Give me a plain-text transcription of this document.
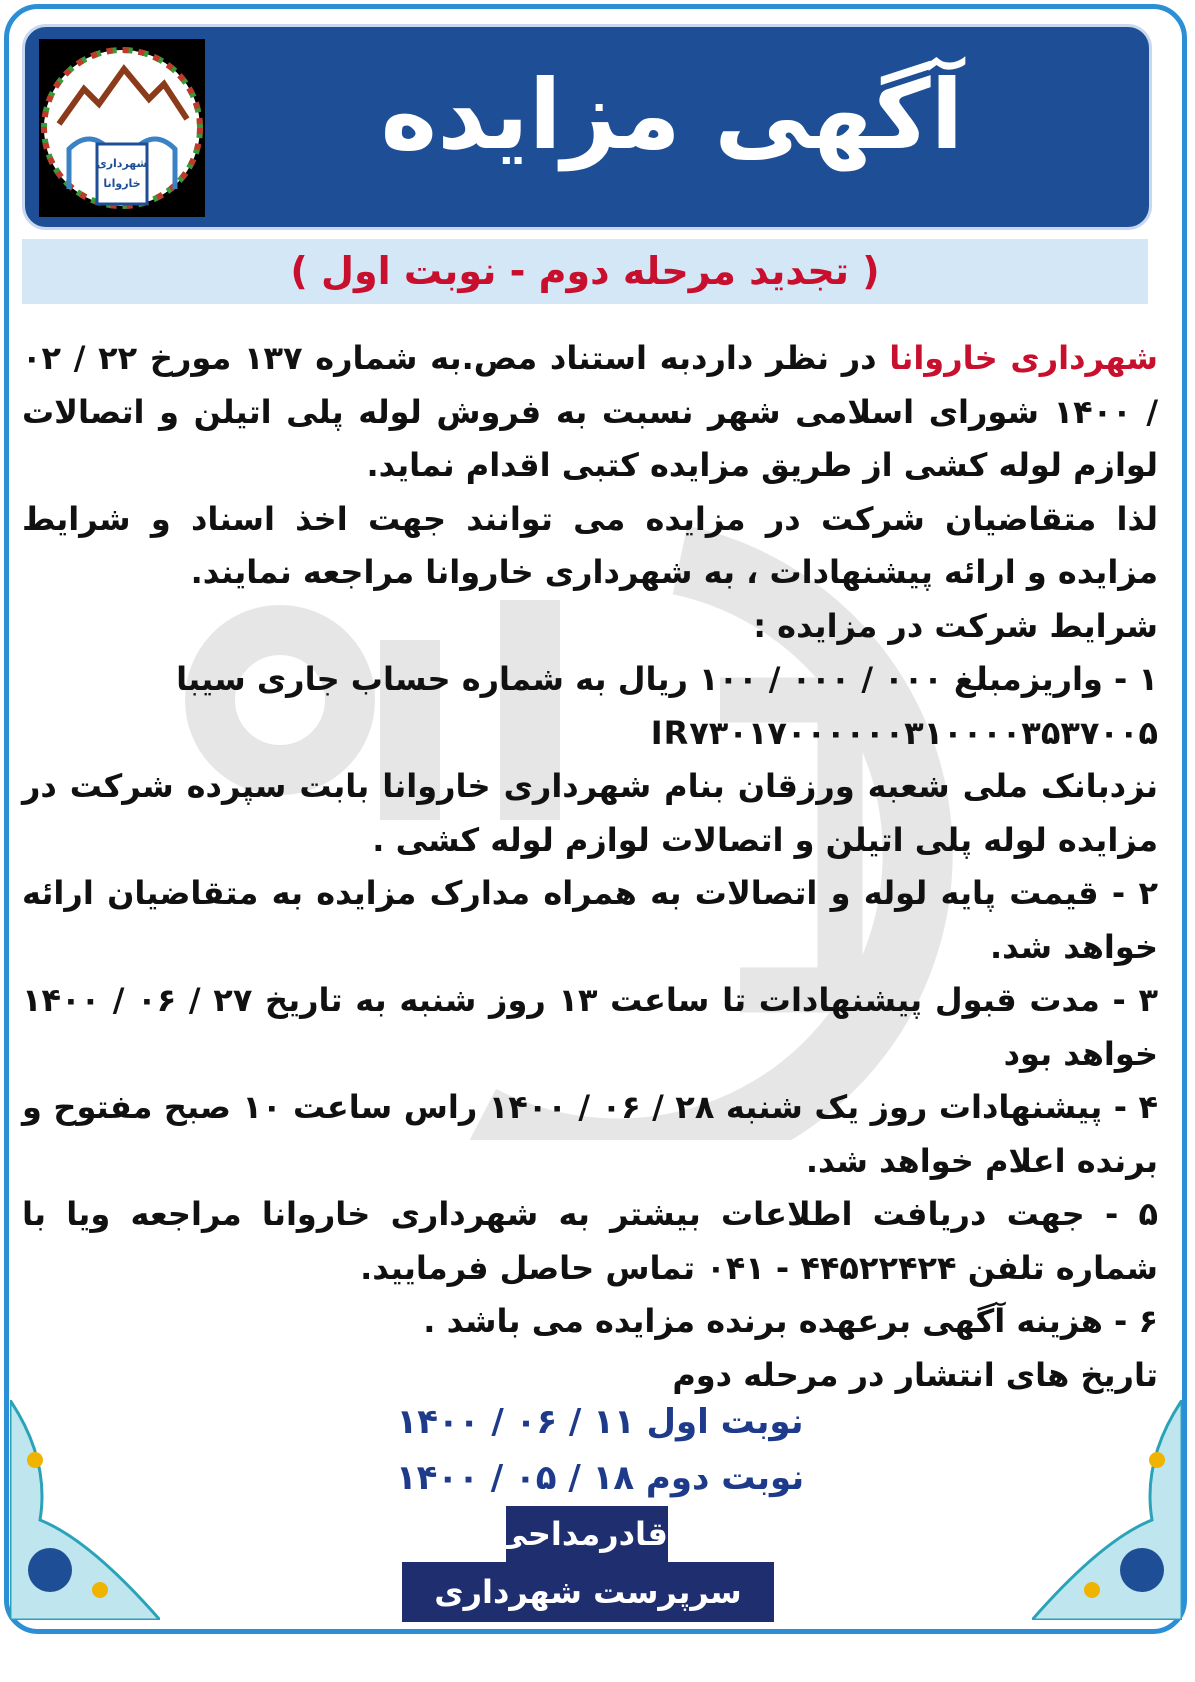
شهرداری
خاروانا
آگهی مزایده
( تجدید مرحله دوم - نوبت اول )

شهرداری خاروانا در نظر داردبه استناد مص.به شماره ۱۳۷ مورخ ۲۲ / ۰۲ / ۱۴۰۰ شورای اسلامی شهر نسبت به فروش لوله پلی اتیلن و اتصالات لوازم لوله کشی از طریق مزایده کتبی اقدام نماید.

لذا متقاضیان شرکت در مزایده می توانند جهت اخذ اسناد و شرایط مزایده و ارائه پیشنهادات ، به شهرداری خاروانا مراجعه نمایند.

شرایط شرکت در مزایده :

۱ - واریزمبلغ ۰۰۰ / ۰۰۰ / ۱۰۰ ریال به شماره حساب جاری سیبا

IR۷۳۰۱۷۰۰۰۰۰۰۳۱۰۰۰۰۳۵۳۷۰۰۵

نزدبانک ملی شعبه ورزقان بنام شهرداری خاروانا بابت سپرده شرکت در مزایده لوله پلی اتیلن و اتصالات لوازم لوله کشی .

۲ - قیمت پایه لوله و اتصالات به همراه مدارک مزایده به متقاضیان ارائه خواهد شد.

۳ - مدت قبول پیشنهادات تا ساعت ۱۳ روز شنبه به تاریخ ۲۷ / ۰۶ / ۱۴۰۰ خواهد بود

۴ - پیشنهادات روز یک شنبه ۲۸ / ۰۶ / ۱۴۰۰ راس ساعت ۱۰ صبح مفتوح و برنده اعلام خواهد شد.

۵ - جهت دریافت اطلاعات بیشتر به شهرداری خاروانا مراجعه ویا با شماره تلفن ۴۴۵۲۲۴۲۴ - ۰۴۱ تماس حاصل فرمایید.

۶ - هزینه آگهی برعهده برنده مزایده می باشد .

تاریخ های انتشار در مرحله دوم

نوبت اول ۱۱ / ۰۶ / ۱۴۰۰
نوبت دوم ۱۸ / ۰۵ / ۱۴۰۰
قادرمداحی
سرپرست شهرداری خاروانا
